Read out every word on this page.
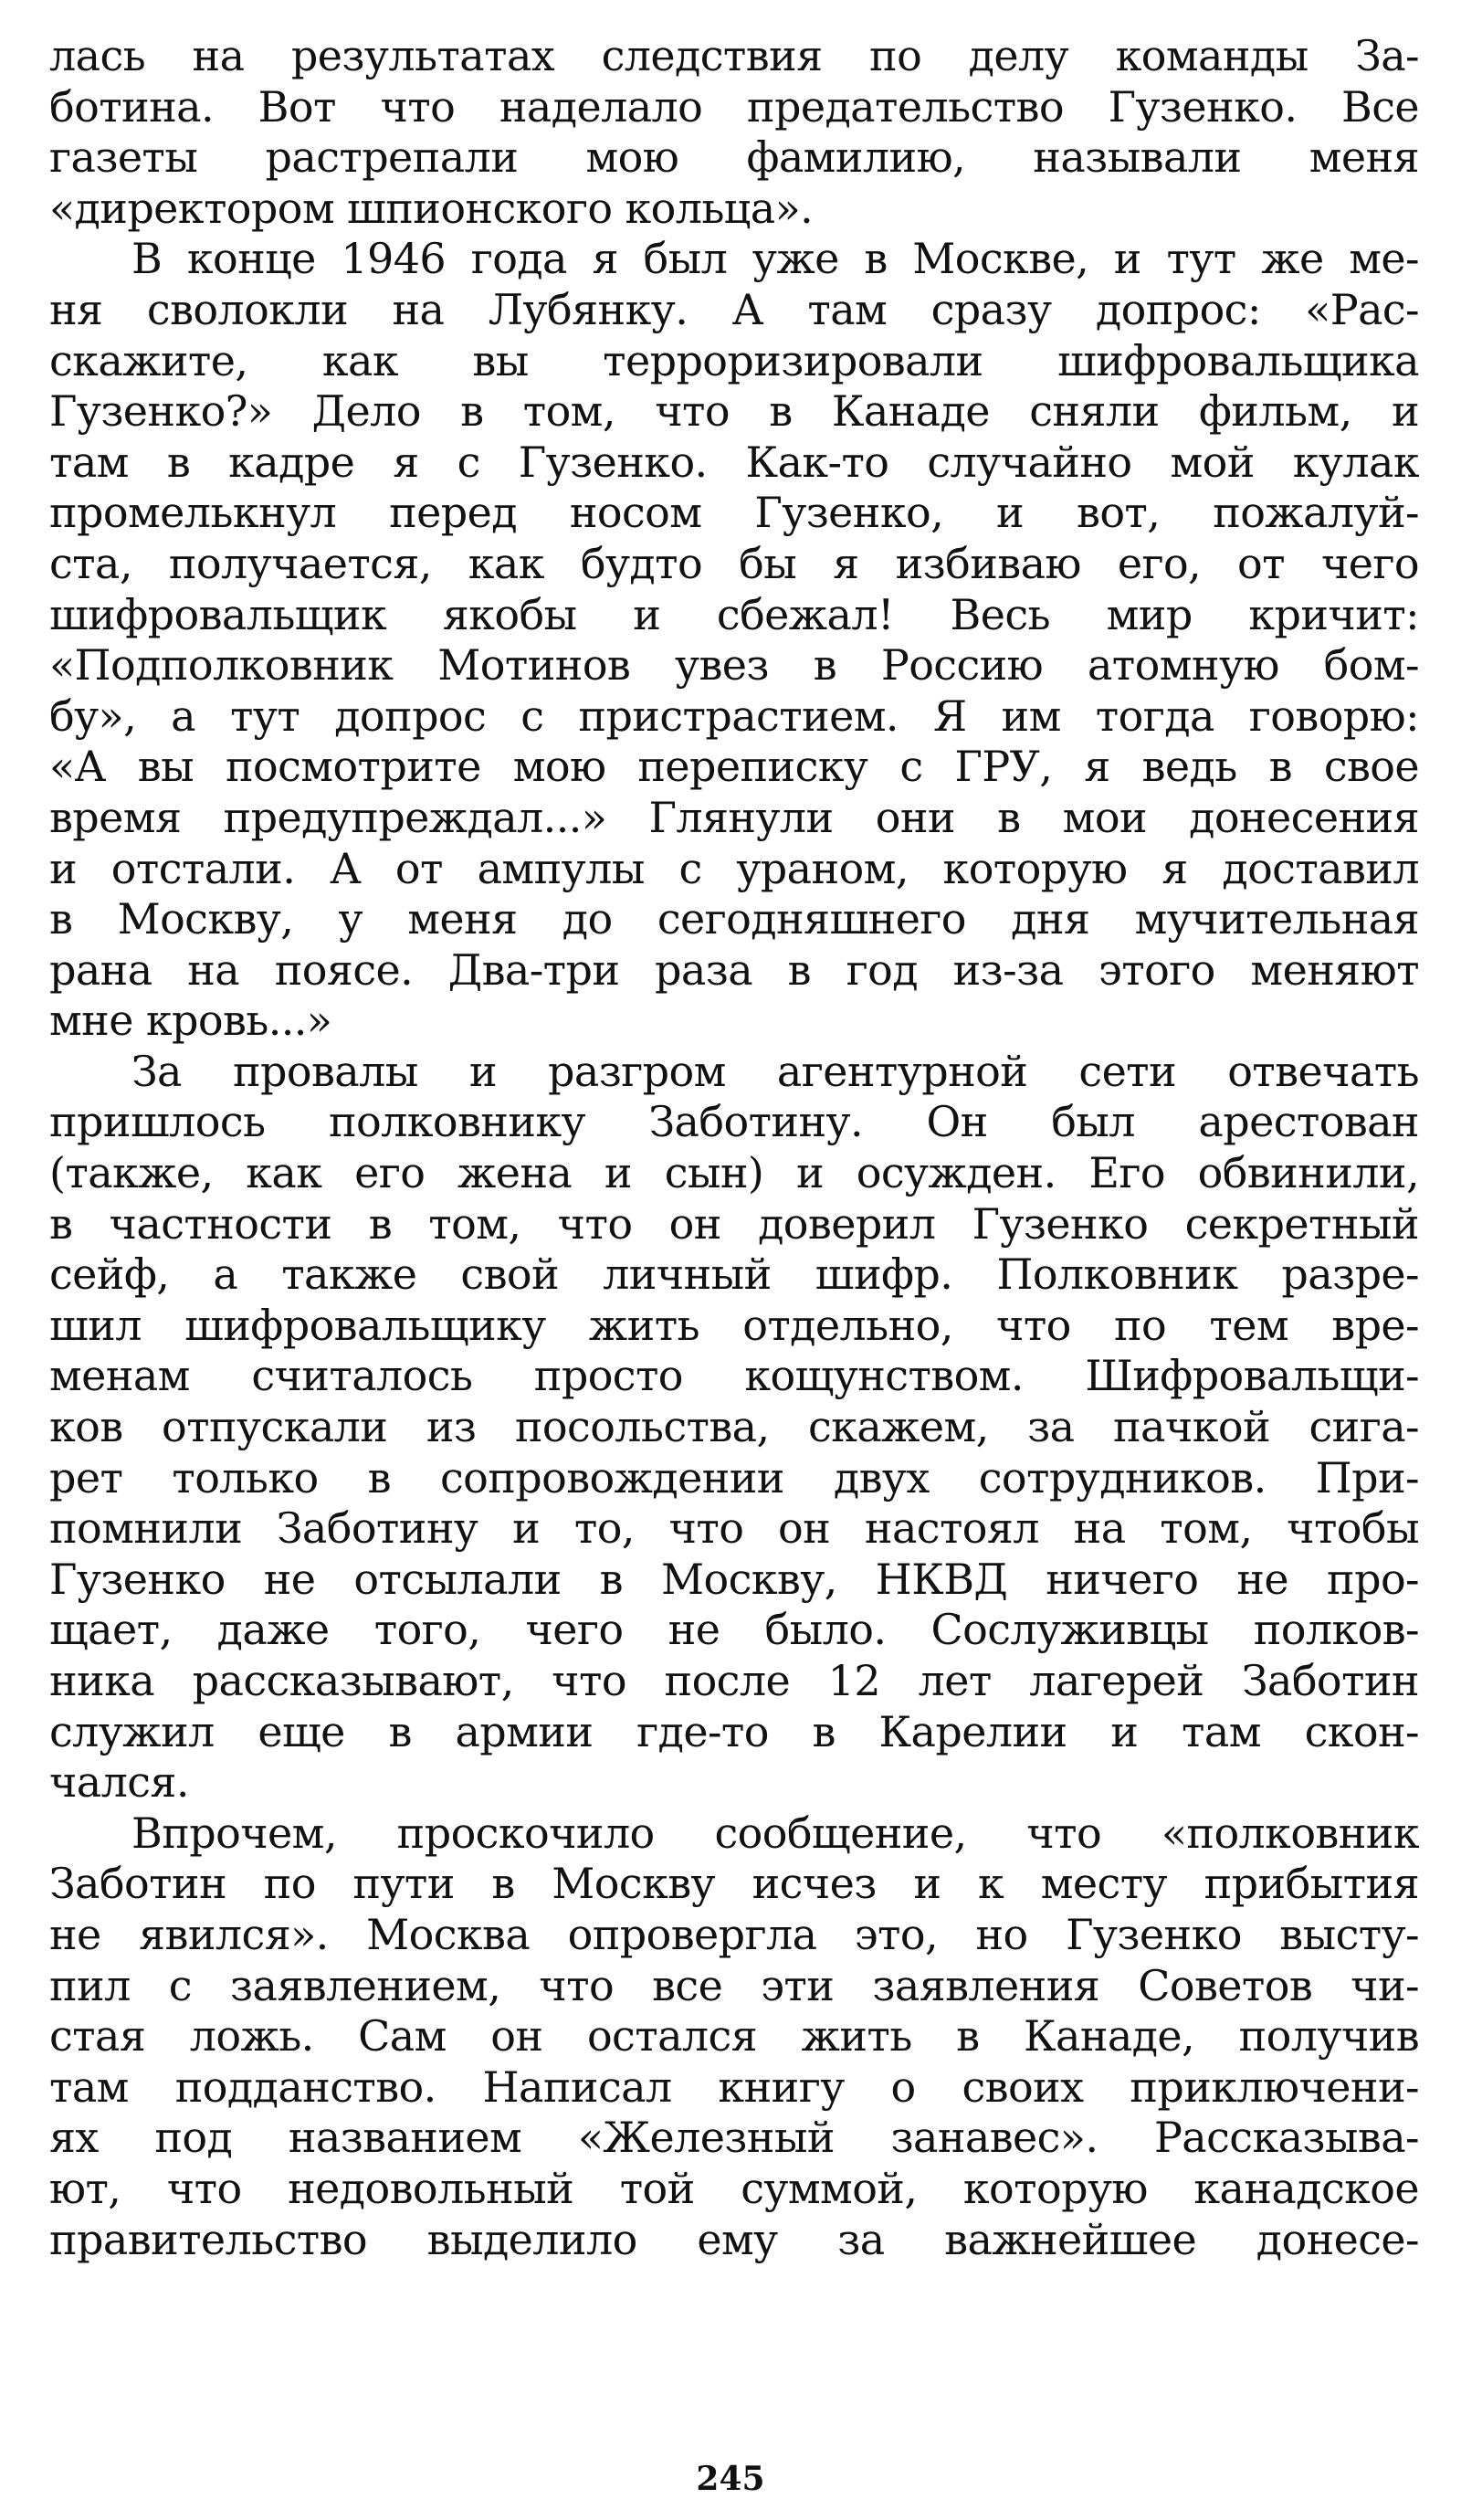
лась на результатах следствия по делу команды За-
ботина. Вот что наделало предательство Гузенко. Все
газеты растрепали мою фамилию, называли меня
«директором шпионского кольца».
В конце 1946 года я был уже в Москве, и тут же ме-
ня сволокли на Лубянку. А там сразу допрос: «Рас-
скажите, как вы терроризировали шифровальщика
Гузенко?» Дело в том, что в Канаде сняли фильм, и
там в кадре я с Гузенко. Как-то случайно мой кулак
промелькнул перед носом Гузенко, и вот, пожалуй-
ста, получается, как будто бы я избиваю его, от чего
шифровальщик якобы и сбежал! Весь мир кричит:
«Подполковник Мотинов увез в Россию атомную бом-
бу», а тут допрос с пристрастием. Я им тогда говорю:
«А вы посмотрите мою переписку с ГРУ, я ведь в свое
время предупреждал...» Глянули они в мои донесения
и отстали. А от ампулы с ураном, которую я доставил
в Москву, у меня до сегодняшнего дня мучительная
рана на поясе. Два-три раза в год из-за этого меняют
мне кровь...»
За провалы и разгром агентурной сети отвечать
пришлось полковнику Заботину. Он был арестован
(также, как его жена и сын) и осужден. Его обвинили,
в частности в том, что он доверил Гузенко секретный
сейф, а также свой личный шифр. Полковник разре-
шил шифровальщику жить отдельно, что по тем вре-
менам считалось просто кощунством. Шифровальщи-
ков отпускали из посольства, скажем, за пачкой сига-
рет только в сопровождении двух сотрудников. При-
помнили Заботину и то, что он настоял на том, чтобы
Гузенко не отсылали в Москву, НКВД ничего не про-
щает, даже того, чего не было. Сослуживцы полков-
ника рассказывают, что после 12 лет лагерей Заботин
служил еще в армии где-то в Карелии и там скон-
чался.
Впрочем, проскочило сообщение, что «полковник
Заботин по пути в Москву исчез и к месту прибытия
не явился». Москва опровергла это, но Гузенко высту-
пил с заявлением, что все эти заявления Советов чи-
стая ложь. Сам он остался жить в Канаде, получив
там подданство. Написал книгу о своих приключени-
ях под названием «Железный занавес». Рассказыва-
ют, что недовольный той суммой, которую канадское
правительство выделило ему за важнейшее донесе-
245
